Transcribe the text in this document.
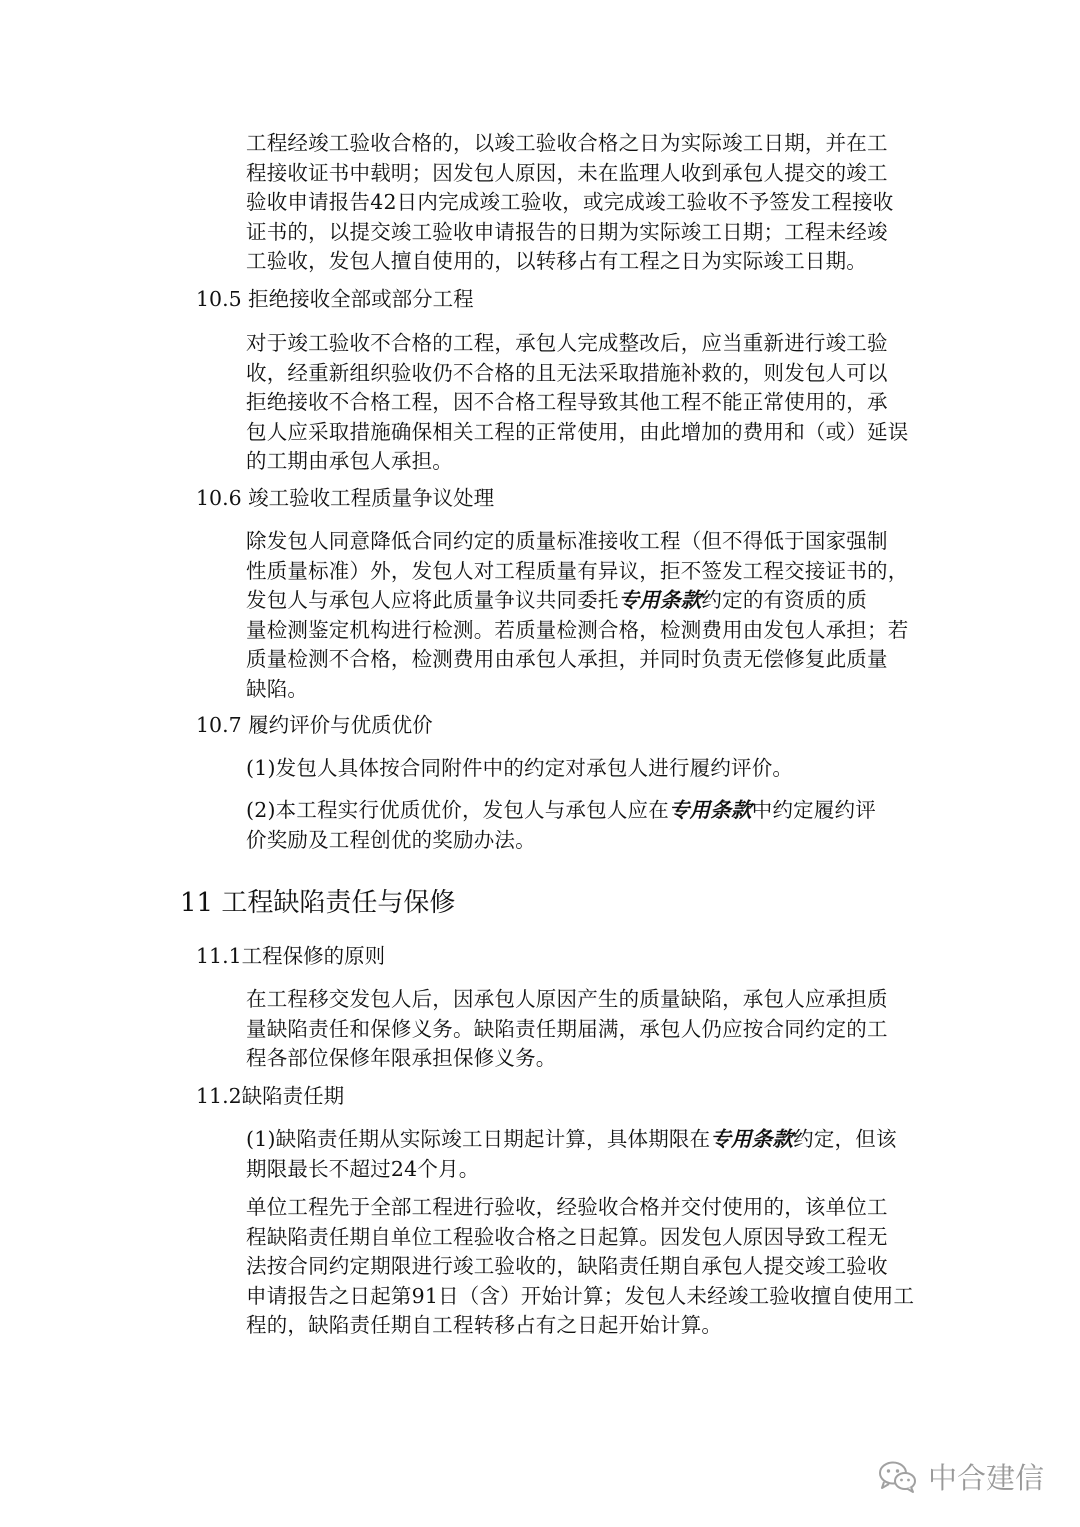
工程经竣工验收合格的，以竣工验收合格之日为实际竣工日期，并在工
程接收证书中载明；因发包人原因，未在监理人收到承包人提交的竣工
验收申请报告42日内完成竣工验收，或完成竣工验收不予签发工程接收
证书的，以提交竣工验收申请报告的日期为实际竣工日期；工程未经竣
工验收，发包人擅自使用的，以转移占有工程之日为实际竣工日期。

10.5 拒绝接收全部或部分工程

对于竣工验收不合格的工程，承包人完成整改后，应当重新进行竣工验
收，经重新组织验收仍不合格的且无法采取措施补救的，则发包人可以
拒绝接收不合格工程，因不合格工程导致其他工程不能正常使用的，承
包人应采取措施确保相关工程的正常使用，由此增加的费用和（或）延误
的工期由承包人承担。

10.6 竣工验收工程质量争议处理

除发包人同意降低合同约定的质量标准接收工程（但不得低于国家强制
性质量标准）外，发包人对工程质量有异议，拒不签发工程交接证书的，
发包人与承包人应将此质量争议共同委托专用条款约定的有资质的质
量检测鉴定机构进行检测。若质量检测合格，检测费用由发包人承担；若
质量检测不合格，检测费用由承包人承担，并同时负责无偿修复此质量
缺陷。

10.7 履约评价与优质优价

(1)发包人具体按合同附件中的约定对承包人进行履约评价。

(2)本工程实行优质优价，发包人与承包人应在专用条款中约定履约评
价奖励及工程创优的奖励办法。

11 工程缺陷责任与保修

11.1工程保修的原则

在工程移交发包人后，因承包人原因产生的质量缺陷，承包人应承担质
量缺陷责任和保修义务。缺陷责任期届满，承包人仍应按合同约定的工
程各部位保修年限承担保修义务。

11.2缺陷责任期

(1)缺陷责任期从实际竣工日期起计算，具体期限在专用条款约定，但该
期限最长不超过24个月。

单位工程先于全部工程进行验收，经验收合格并交付使用的，该单位工
程缺陷责任期自单位工程验收合格之日起算。因发包人原因导致工程无
法按合同约定期限进行竣工验收的，缺陷责任期自承包人提交竣工验收
申请报告之日起第91日（含）开始计算；发包人未经竣工验收擅自使用工
程的，缺陷责任期自工程转移占有之日起开始计算。

中合建信
